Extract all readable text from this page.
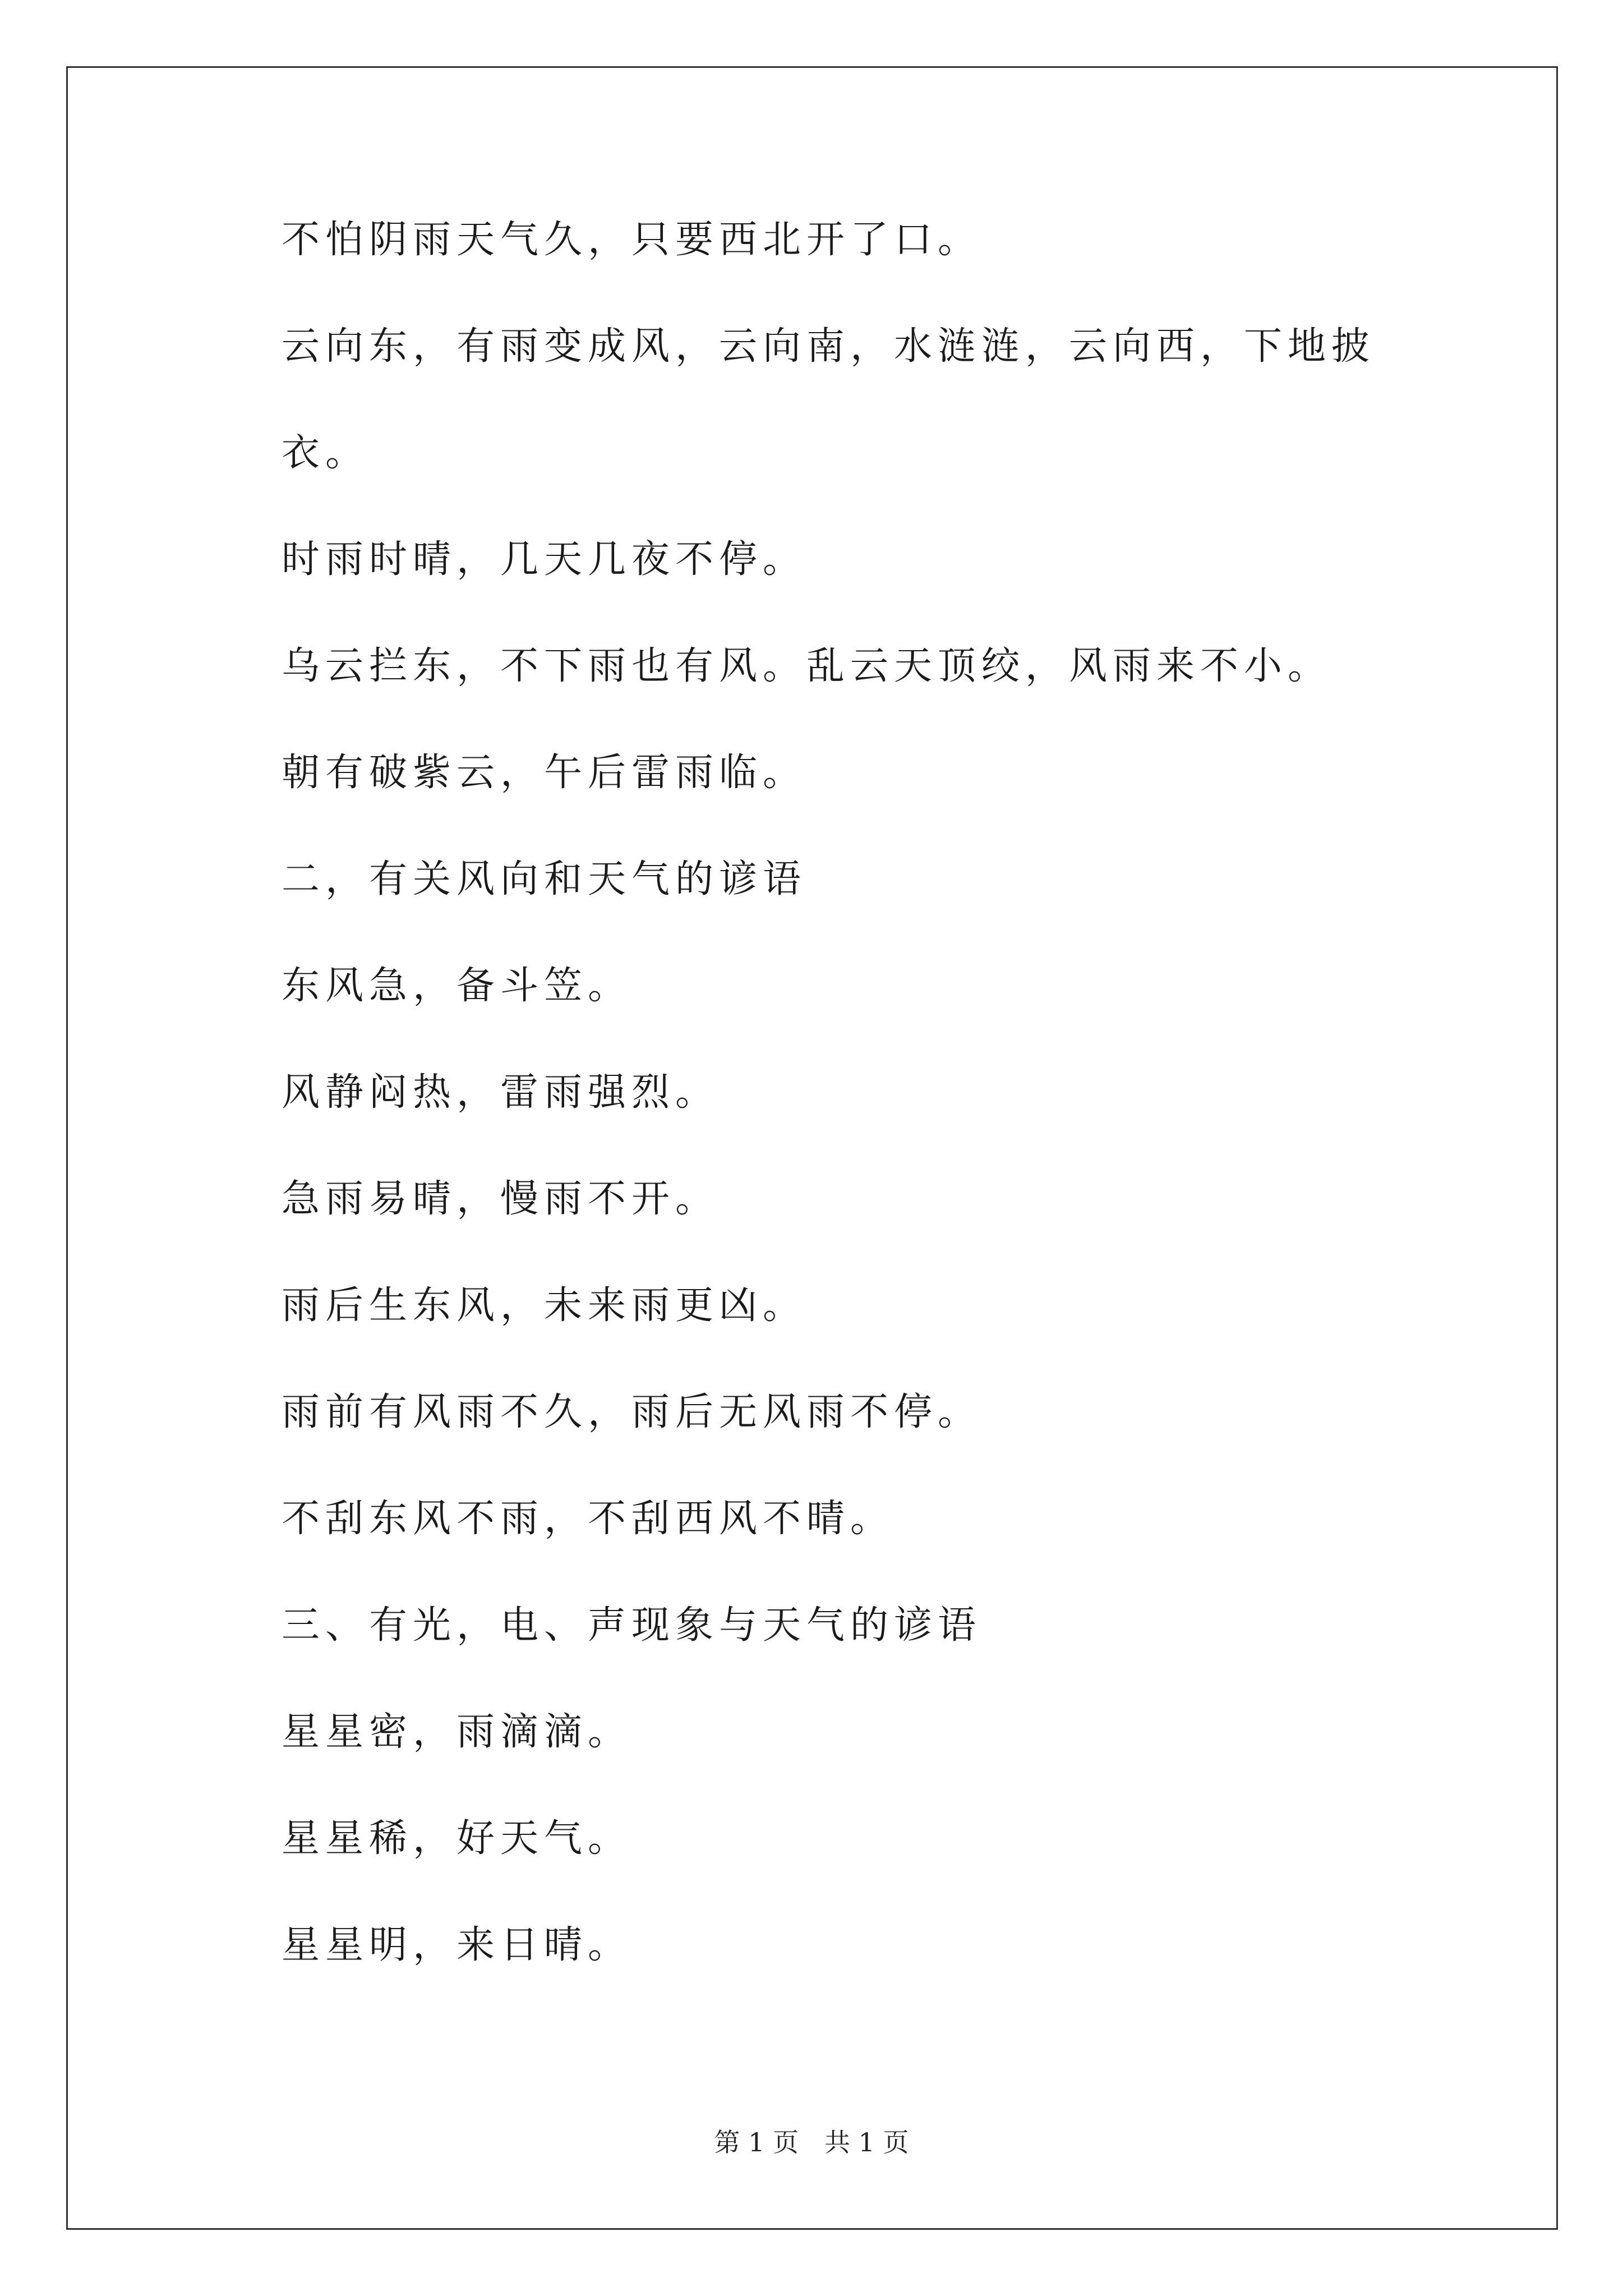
不怕阴雨天气久，只要西北开了口。
云向东，有雨变成风，云向南，水涟涟，云向西，下地披
衣。
时雨时晴，几天几夜不停。
乌云拦东，不下雨也有风。乱云天顶绞，风雨来不小。
朝有破紫云，午后雷雨临。
二，有关风向和天气的谚语
东风急，备斗笠。
风静闷热，雷雨强烈。
急雨易晴，慢雨不开。
雨后生东风，未来雨更凶。
雨前有风雨不久，雨后无风雨不停。
不刮东风不雨，不刮西风不晴。
三、有光，电、声现象与天气的谚语
星星密，雨滴滴。
星星稀，好天气。
星星明，来日晴。
第 1 页　共 1 页
